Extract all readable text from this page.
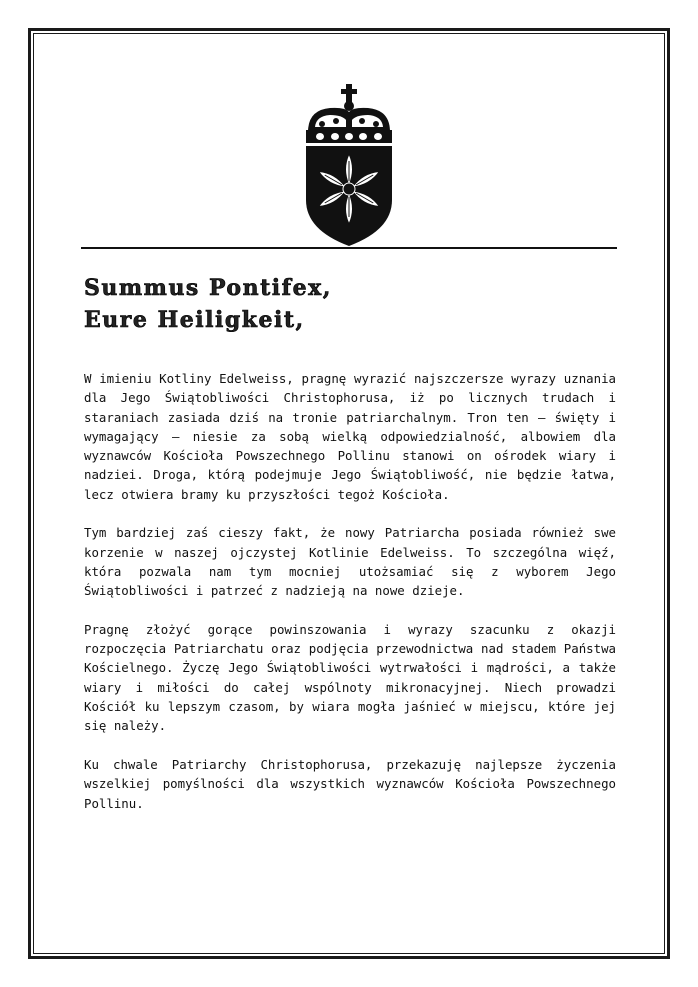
Summus Pontifex,
Eure Heiligkeit,

W imieniu Kotliny Edelweiss, pragnę wyrazić najszczersze wyrazy uznania dla Jego Świątobliwości Christophorusa, iż po licznych trudach i staraniach zasiada dziś na tronie patriarchalnym. Tron ten – święty i wymagający – niesie za sobą wielką odpowiedzialność, albowiem dla wyznawców Kościoła Powszechnego Pollinu stanowi on ośrodek wiary i nadziei. Droga, którą podejmuje Jego Świątobliwość, nie będzie łatwa, lecz otwiera bramy ku przyszłości tegoż Kościoła.

Tym bardziej zaś cieszy fakt, że nowy Patriarcha posiada również swe korzenie w naszej ojczystej Kotlinie Edelweiss. To szczególna więź, która pozwala nam tym mocniej utożsamiać się z wyborem Jego Świątobliwości i patrzeć z nadzieją na nowe dzieje.

Pragnę złożyć gorące powinszowania i wyrazy szacunku z okazji rozpoczęcia Patriarchatu oraz podjęcia przewodnictwa nad stadem Państwa Kościelnego. Życzę Jego Świątobliwości wytrwałości i mądrości, a także wiary i miłości do całej wspólnoty mikronacyjnej. Niech prowadzi Kościół ku lepszym czasom, by wiara mogła jaśnieć w miejscu, które jej się należy.

Ku chwale Patriarchy Christophorusa, przekazuję najlepsze życzenia wszelkiej pomyślności dla wszystkich wyznawców Kościoła Powszechnego Pollinu.
